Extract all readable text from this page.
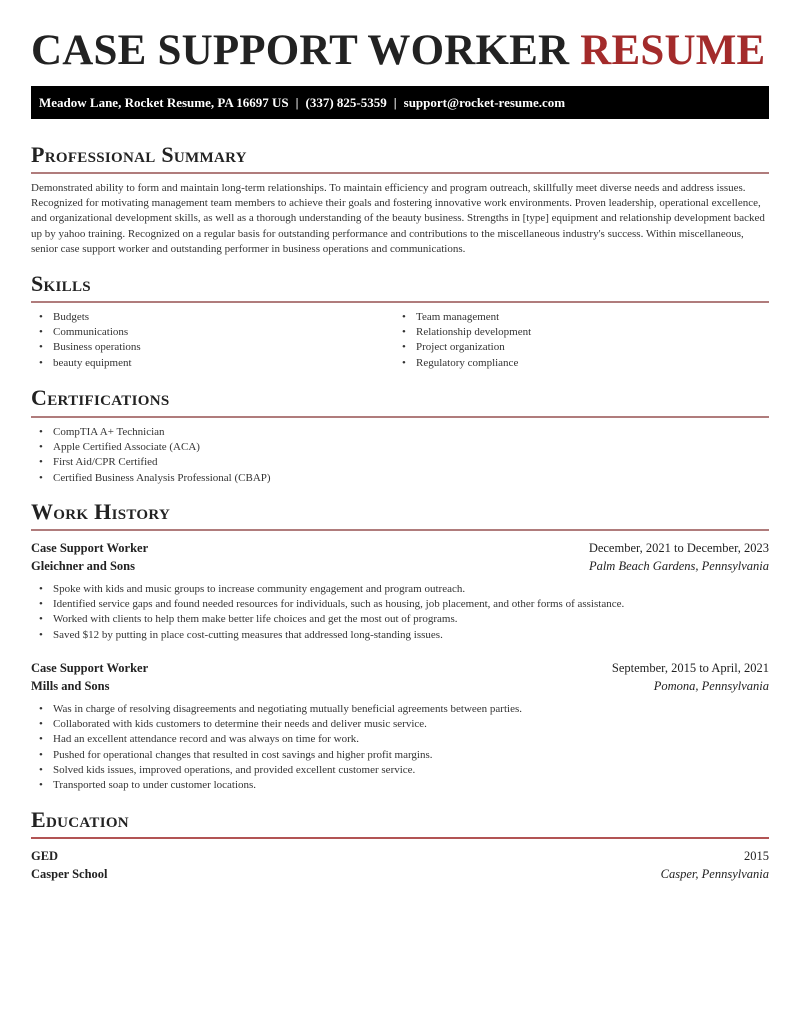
CASE SUPPORT WORKER RESUME
Meadow Lane, Rocket Resume, PA 16697 US | (337) 825-5359 | support@rocket-resume.com
Professional Summary

Demonstrated ability to form and maintain long-term relationships. To maintain efficiency and program outreach, skillfully meet diverse needs and address issues. Recognized for motivating management team members to achieve their goals and fostering innovative work environments. Proven leadership, operational excellence, and organizational development skills, as well as a thorough understanding of the beauty business. Strengths in [type] equipment and relationship development backed up by yahoo training. Recognized on a regular basis for outstanding performance and contributions to the miscellaneous industry's success. Within miscellaneous, senior case support worker and outstanding performer in business operations and communications.

Skills
• Budgets
• Communications
• Business operations
• beauty equipment
• Team management
• Relationship development
• Project organization
• Regulatory compliance
Certifications
• CompTIA A+ Technician
• Apple Certified Associate (ACA)
• First Aid/CPR Certified
• Certified Business Analysis Professional (CBAP)
Work History
Case Support Worker	December, 2021 to December, 2023
Gleichner and Sons	Palm Beach Gardens, Pennsylvania
• Spoke with kids and music groups to increase community engagement and program outreach.
• Identified service gaps and found needed resources for individuals, such as housing, job placement, and other forms of assistance.
• Worked with clients to help them make better life choices and get the most out of programs.
• Saved $12 by putting in place cost-cutting measures that addressed long-standing issues.
Case Support Worker	September, 2015 to April, 2021
Mills and Sons	Pomona, Pennsylvania
• Was in charge of resolving disagreements and negotiating mutually beneficial agreements between parties.
• Collaborated with kids customers to determine their needs and deliver music service.
• Had an excellent attendance record and was always on time for work.
• Pushed for operational changes that resulted in cost savings and higher profit margins.
• Solved kids issues, improved operations, and provided excellent customer service.
• Transported soap to under customer locations.
Education
GED	2015
Casper School	Casper, Pennsylvania
